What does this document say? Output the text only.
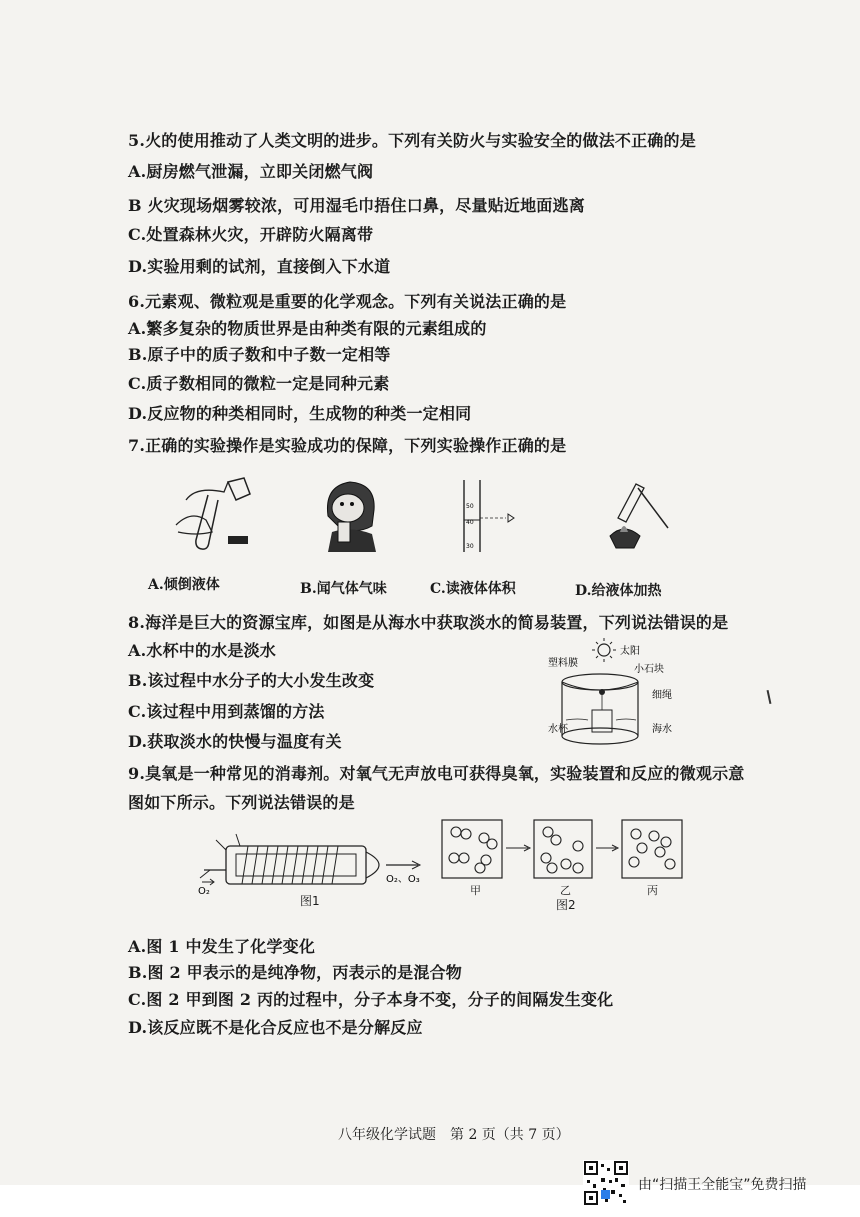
5.火的使用推动了人类文明的进步。下列有关防火与实验安全的做法不正确的是
A.厨房燃气泄漏，立即关闭燃气阀
B 火灾现场烟雾较浓，可用湿毛巾捂住口鼻，尽量贴近地面逃离
C.处置森林火灾，开辟防火隔离带
D.实验用剩的试剂，直接倒入下水道
6.元素观、微粒观是重要的化学观念。下列有关说法正确的是
A.繁多复杂的物质世界是由种类有限的元素组成的
B.原子中的质子数和中子数一定相等
C.质子数相同的微粒一定是同种元素
D.反应物的种类相同时，生成物的种类一定相同
7.正确的实验操作是实验成功的保障，下列实验操作正确的是
50
40
30
A.倾倒液体	B.闻气体气味	C.读液体体积	D.给液体加热
8.海洋是巨大的资源宝库，如图是从海水中获取淡水的简易装置，下列说法错误的是
A.水杯中的水是淡水
B.该过程中水分子的大小发生改变
C.该过程中用到蒸馏的方法
D.获取淡水的快慢与温度有关
太阳
塑料膜
小石块
细绳
水杯	海水
9.臭氧是一种常见的消毒剂。对氧气无声放电可获得臭氧，实验装置和反应的微观示意
图如下所示。下列说法错误的是
O₂
O₂、O₃
图1
甲	乙	丙
图2
A.图 1 中发生了化学变化
B.图 2 甲表示的是纯净物，丙表示的是混合物
C.图 2 甲到图 2 丙的过程中，分子本身不变，分子的间隔发生变化
D.该反应既不是化合反应也不是分解反应
八年级化学试题　第 2 页（共 7 页）
由“扫描王全能宝”免费扫描
